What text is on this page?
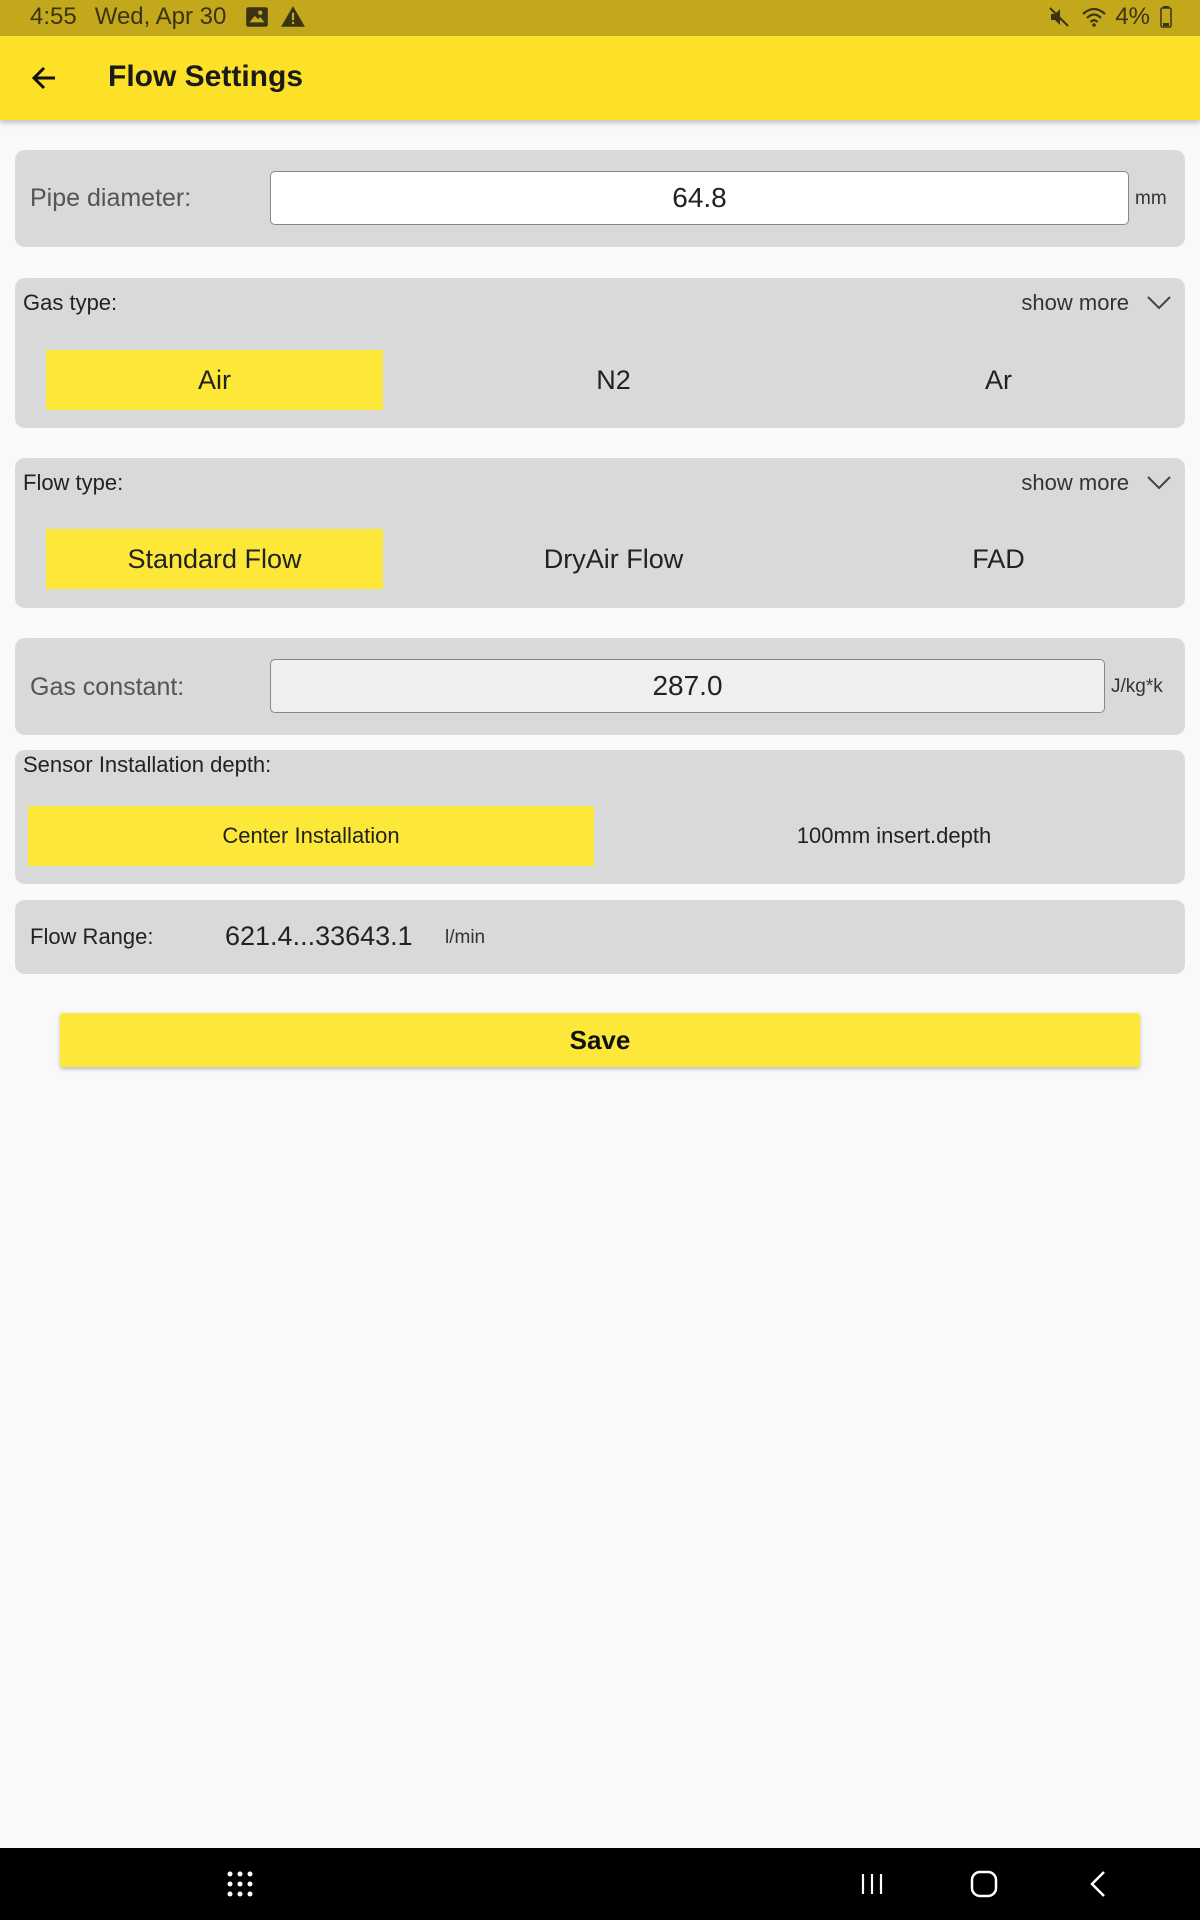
4:55 Wed, Apr 30	4%
Flow Settings
Pipe diameter:	64.8	mm
Gas type:	show more
Air	N2	Ar
Flow type:	show more
Standard Flow	DryAir Flow	FAD
Gas constant:	287.0	J/kg*k
Sensor Installation depth:
Center Installation	100mm insert.depth
Flow Range:	621.4...33643.1 l/min
Save
